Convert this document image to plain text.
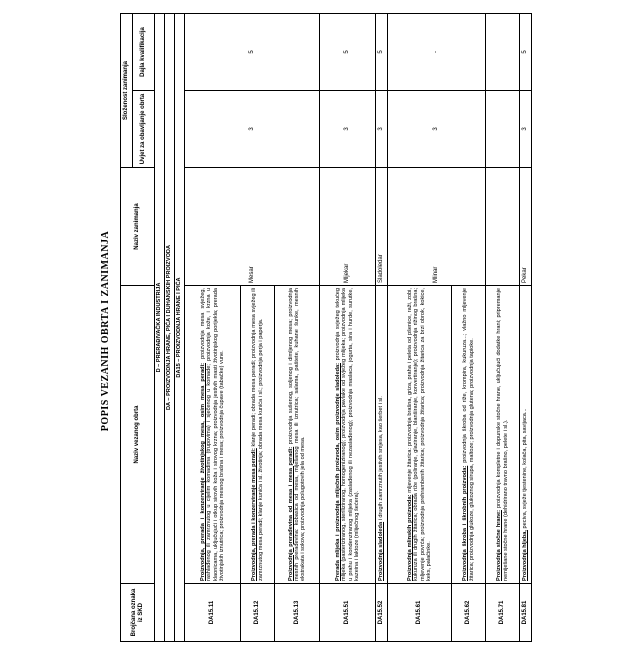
POPIS VEZANIH OBRTA I ZANIMANJA
Brojčana oznaka iz SKD	Naziv vezanog obrta	Naziv zanimanja	Složenost zanimanja	
			Uvjet za obavljanje obrta	Dajla kvalifikacija
D – PRERAĐIVAČKA INDUSTRIJA				
DA – PROIZVODNJA HRANE, PIĆA I DUHANSKIH PROIZVODA				
DA15 – PROIZVODNJA HRANE I PIĆA				
DA15.11	Proizvodnja, prerada i konzerviranje životinjskog mesa, osim mesa peradi: proizvodnja mesa svježeg, rashlađenog ili zamrznutog u cijelim komadima (trupovima) i sječenog u komade; proizvodnja kože, i krzna u klaonicama, uključujući i otkup sirovih koža i sirovog krzna; proizvodnja jestivih masti životinjskog porijekla; prerada životinjskih iznutrica; proizvodnja mesnog brašna i mesa; proizvodnja čupave (tabačke) vune.	Mesar	3	5
DA15.12	Proizvodnja, prerada i konzerviranje mesa peradi: klanje peradi; obrada mesa peradi; proizvodnja mesa svježeg ili zamrznutog mesa peradi; klanje kunića i sl. životinja; obrada mesa kunića i sl.; proizvodnja perja i paperja.			
DA15.13	Proizvodnja prerađevina od mesa i mesa peradi: proizvodnja sušenog, soljenog i dimljenog mesa; proizvodnja mesnih prerađevina: kobasica od mesa, miješanog mesa ili iznutrica; salama, paštete, kuhane šunke, mesnih ekstrakata i sokova; proizvodnja polugotovih jela od mesa.			
DA15.51	Prerada mlijeka i proizvodnja mliječnih proizvoda, osim proizvodnje sladoleda: proizvodnja svježeg tekućeg mlijeka (pasteriziranog, steriliziranog, homogeniziranog); proizvodnja pavlake od svježeg mlijeka; proizvodnja mlijeka u prahu i kondenziranog mlijeka (zaslađenog ili nezaslađenog); proizvodnja maslaca, jogurta, sira i hurde, surutke, kazeina i laktoze (mliječnog šećera).	Mljekar	3	5
DA15.52	Proizvodnja sladoleda i drugih zamrznutih jestivih smjesa, kao šerbet i sl.	Sladoledar	3	5
DA15.61	Proizvodnja mlinskih proizvoda: mljevenje žitarica: proizvodnja brašna, griza, praha i peleta od pšenice, raži, zobi, kukuruza ili drugih žitarica; obrada riže (poliranje, glaziranje, blanširanje, konvertiranje); proizvodnja rižinog brašna; mljevenje povrća; proizvodnja prehrambenih žitarica; proizvodnja žitarica; proizvodnja žitarica za brzi obrok, kokice, keks, palačinke.	Mlinar	3	-
DA15.62	Proizvodnja škroba i škrobnih proizvoda: proizvodnja škroba od riže, krompira, kukuruza...; vlažno mljevenje žitarica; proizvodnja glukoze, glukoznog sirupa, maltoze; proizvodnja glutena; proizvodnja tapioke.			
DA15.71	Proizvodnja stočne hrane: proizvodnja kompletne i dopunske stočne hrane, uključujući dodatke hrani; pripremanje nemiješane stočne hrane (dehidrirano travno brašno, pelete i sl.).			
DA15.81	Proizvodnja hljeba, peciva, svježe tjestenine, kolača, pita, savijaca...	Pekar	3	5
